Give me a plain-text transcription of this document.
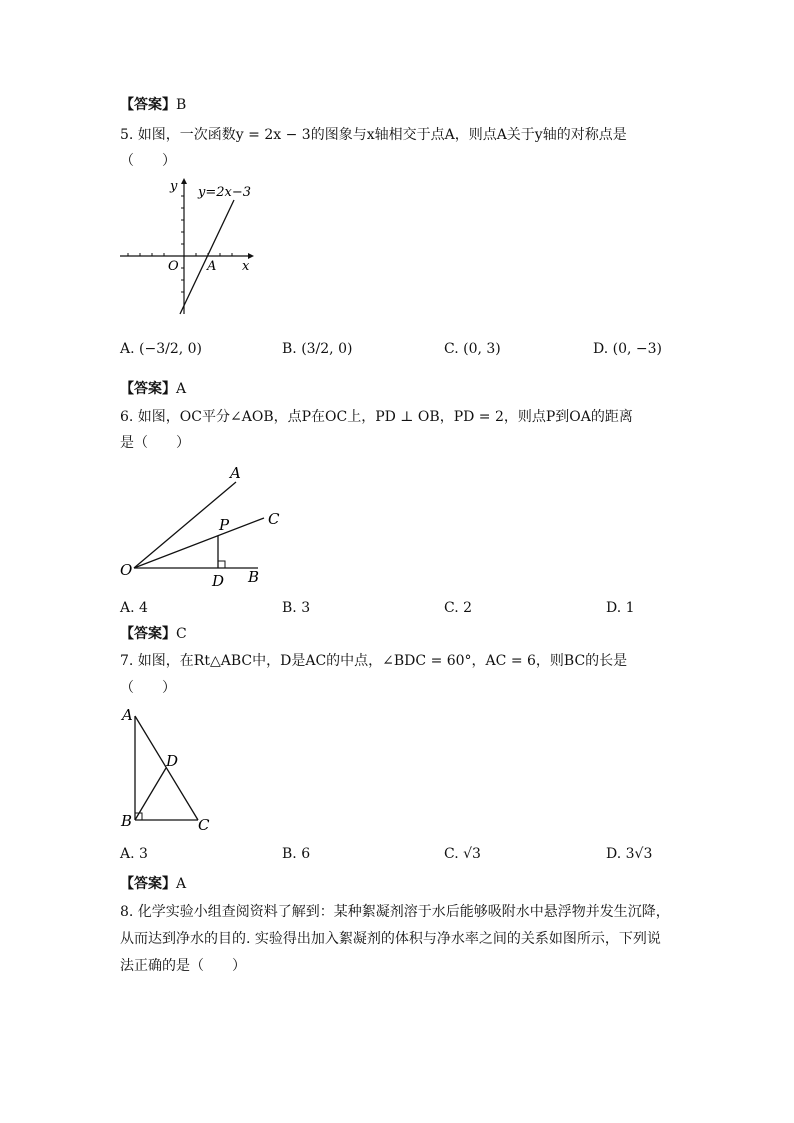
【答案】B
5. 如图，一次函数y = 2x − 3的图象与x轴相交于点A，则点A关于y轴的对称点是
（　　）
y=2x−3
y
x
O A
A. (−3/2, 0)	B. (3/2, 0)	C. (0, 3)	D. (0, −3)
【答案】A
6. 如图，OC平分∠AOB，点P在OC上，PD ⊥ OB，PD = 2，则点P到OA的距离
是（　　）
A
C
P
O
D B
A. 4	B. 3	C. 2	D. 1
【答案】C
7. 如图，在Rt△ABC中，D是AC的中点，∠BDC = 60°，AC = 6，则BC的长是
（　　）
A
D
B	C
A. 3	B. 6	C. √3	D. 3√3
【答案】A
8. 化学实验小组查阅资料了解到：某种絮凝剂溶于水后能够吸附水中悬浮物并发生沉降，
从而达到净水的目的. 实验得出加入絮凝剂的体积与净水率之间的关系如图所示，下列说
法正确的是（　　）
